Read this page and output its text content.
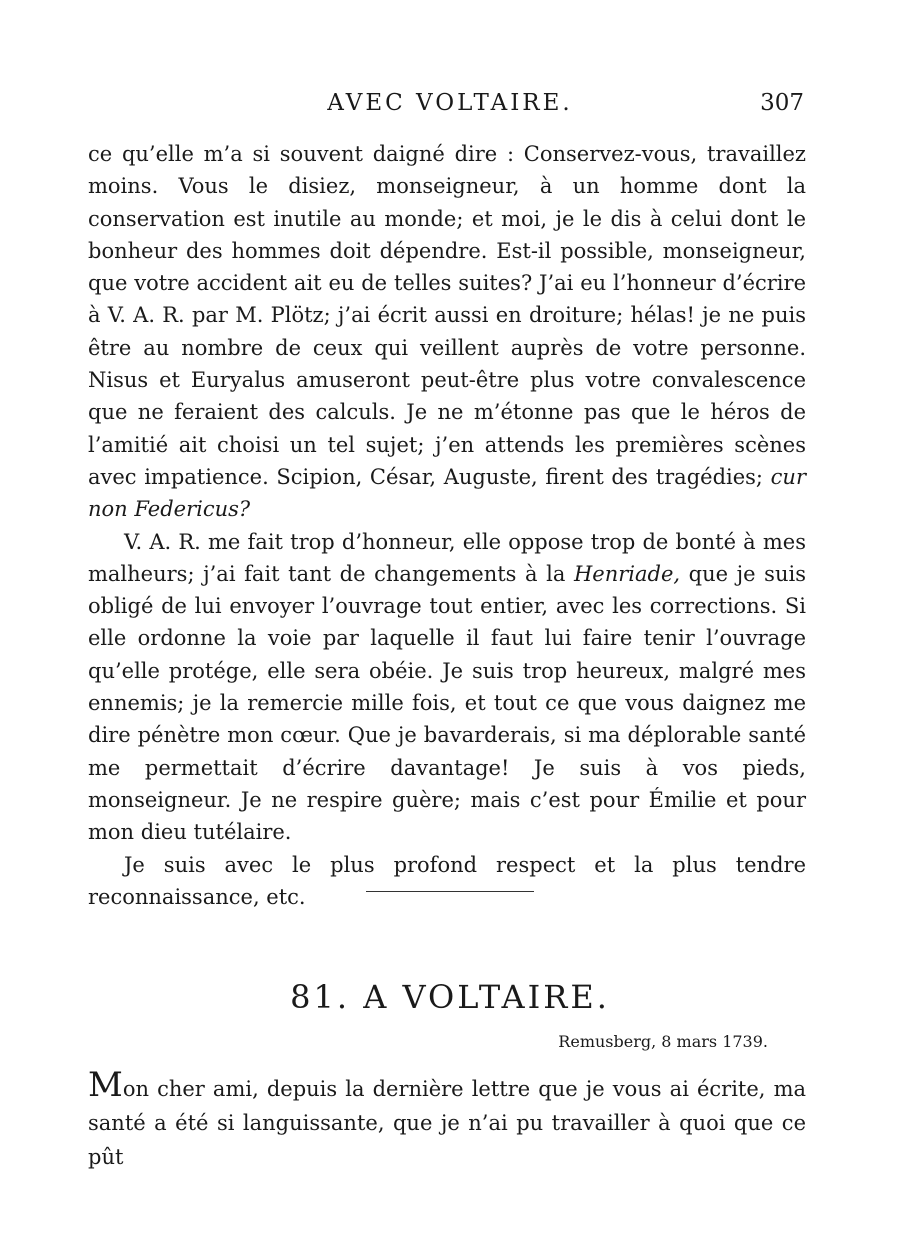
AVEC VOLTAIRE.	307

ce qu’elle m’a si souvent daigné dire : Conservez-vous, travaillez moins. Vous le disiez, monseigneur, à un homme dont la conservation est inutile au monde; et moi, je le dis à celui dont le bonheur des hommes doit dépendre. Est-il possible, monseigneur, que votre accident ait eu de telles suites? J’ai eu l’honneur d’écrire à V. A. R. par M. Plötz; j’ai écrit aussi en droiture; hélas! je ne puis être au nombre de ceux qui veillent auprès de votre personne. Nisus et Euryalus amuseront peut-être plus votre convalescence que ne feraient des calculs. Je ne m’étonne pas que le héros de l’amitié ait choisi un tel sujet; j’en attends les premières scènes avec impatience. Scipion, César, Auguste, firent des tragédies; cur non Federicus?

V. A. R. me fait trop d’honneur, elle oppose trop de bonté à mes malheurs; j’ai fait tant de changements à la Henriade, que je suis obligé de lui envoyer l’ouvrage tout entier, avec les corrections. Si elle ordonne la voie par laquelle il faut lui faire tenir l’ouvrage qu’elle protége, elle sera obéie. Je suis trop heureux, malgré mes ennemis; je la remercie mille fois, et tout ce que vous daignez me dire pénètre mon cœur. Que je bavarderais, si ma déplorable santé me permettait d’écrire davantage! Je suis à vos pieds, monseigneur. Je ne respire guère; mais c’est pour Émilie et pour mon dieu tutélaire.

Je suis avec le plus profond respect et la plus tendre reconnaissance, etc.

81. A VOLTAIRE.
Remusberg, 8 mars 1739.

Mon cher ami, depuis la dernière lettre que je vous ai écrite, ma santé a été si languissante, que je n’ai pu travailler à quoi que ce pût
